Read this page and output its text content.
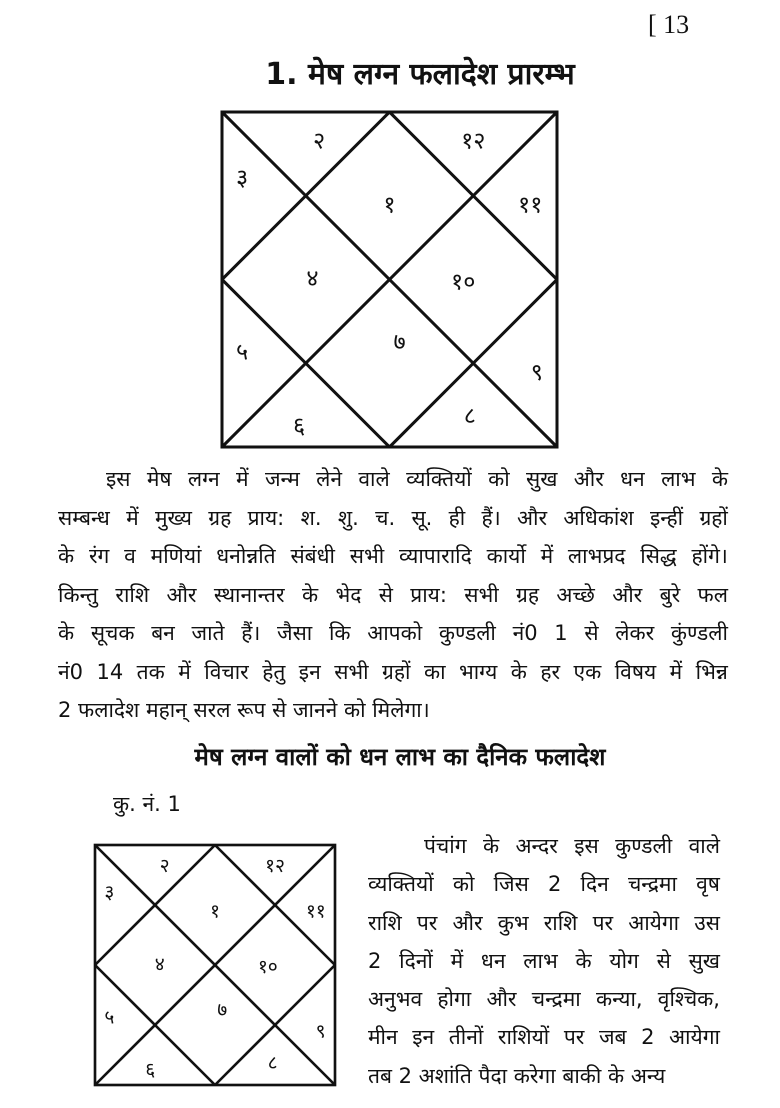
[ 13
1. मेष लग्न फलादेश प्रारम्भ
१
२
३
४
५
६
७
८
९
१०
११
१२
इस मेष लग्न में जन्म लेने वाले व्यक्तियों को सुख और धन लाभ के
सम्बन्ध में मुख्य ग्रह प्राय: श. शु. च. सू. ही हैं। और अधिकांश इन्हीं ग्रहों
के रंग व मणियां धनोन्नति संबंधी सभी व्यापारादि कार्यो में लाभप्रद सिद्ध होंगे।
किन्तु राशि और स्थानान्तर के भेद से प्राय: सभी ग्रह अच्छे और बुरे फल
के सूचक बन जाते हैं। जैसा कि आपको कुण्डली नं0 1 से लेकर कुंण्डली
नं0 14 तक में विचार हेतु इन सभी ग्रहों का भाग्य के हर एक विषय में भिन्न
2 फलादेश महान् सरल रूप से जानने को मिलेगा।
मेष लग्न वालों को धन लाभ का दैनिक फलादेश
कु. नं. 1
१
२
३
४
५
६
७
८
९
१०
११
१२
पंचांग के अन्दर इस कुण्डली वाले
व्यक्तियों को जिस 2 दिन चन्द्रमा वृष
राशि पर और कुभ राशि पर आयेगा उस
2 दिनों में धन लाभ के योग से सुख
अनुभव होगा और चन्द्रमा कन्या, वृश्चिक,
मीन इन तीनों राशियों पर जब 2 आयेगा
तब 2 अशांति पैदा करेगा बाकी के अन्य
